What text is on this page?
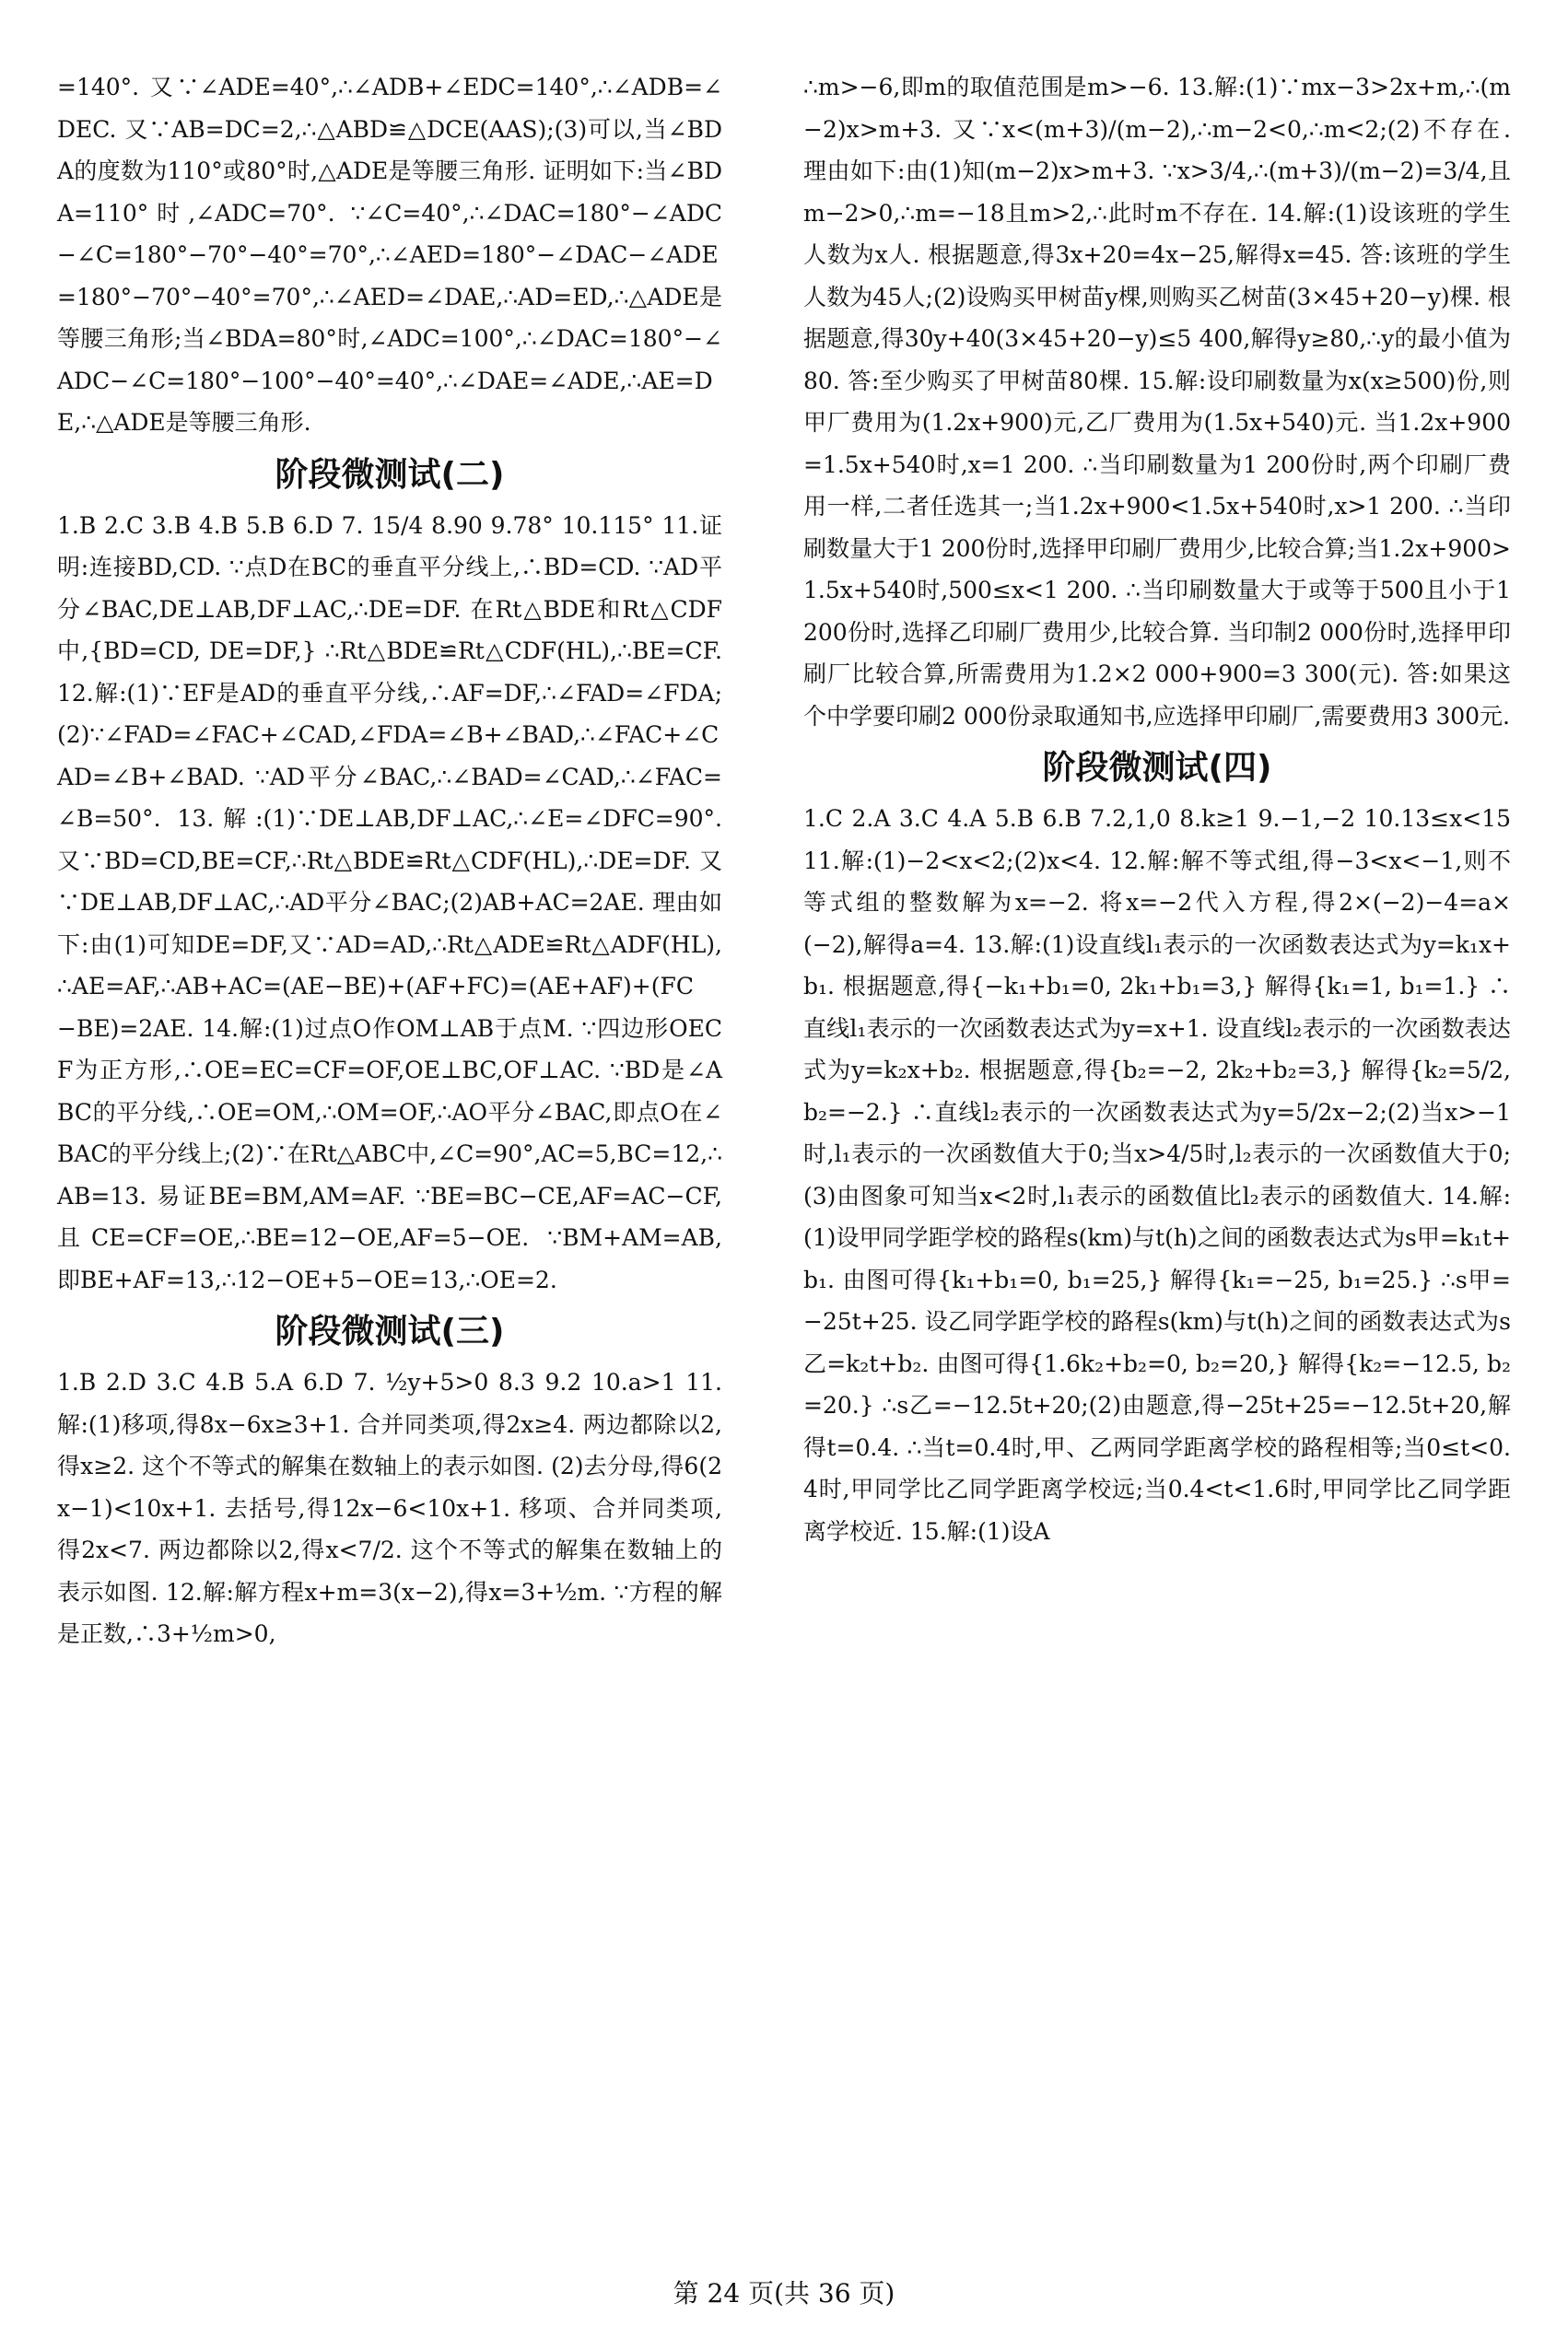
=140°. 又∵∠ADE=40°,∴∠ADB+∠EDC=140°,∴∠ADB=∠DEC. 又∵AB=DC=2,∴△ABD≌△DCE(AAS);(3)可以,当∠BDA的度数为110°或80°时,△ADE是等腰三角形. 证明如下:当∠BDA=110°时,∠ADC=70°. ∵∠C=40°,∴∠DAC=180°−∠ADC−∠C=180°−70°−40°=70°,∴∠AED=180°−∠DAC−∠ADE=180°−70°−40°=70°,∴∠AED=∠DAE,∴AD=ED,∴△ADE是等腰三角形;当∠BDA=80°时,∠ADC=100°,∴∠DAC=180°−∠ADC−∠C=180°−100°−40°=40°,∴∠DAE=∠ADE,∴AE=DE,∴△ADE是等腰三角形.

阶段微测试(二)

1.B 2.C 3.B 4.B 5.B 6.D 7. 15/4 8.90 9.78° 10.115° 11.证明:连接BD,CD. ∵点D在BC的垂直平分线上,∴BD=CD. ∵AD平分∠BAC,DE⊥AB,DF⊥AC,∴DE=DF. 在Rt△BDE和Rt△CDF中,{BD=CD, DE=DF,} ∴Rt△BDE≌Rt△CDF(HL),∴BE=CF. 12.解:(1)∵EF是AD的垂直平分线,∴AF=DF,∴∠FAD=∠FDA;(2)∵∠FAD=∠FAC+∠CAD,∠FDA=∠B+∠BAD,∴∠FAC+∠CAD=∠B+∠BAD. ∵AD平分∠BAC,∴∠BAD=∠CAD,∴∠FAC=∠B=50°. 13.解:(1)∵DE⊥AB,DF⊥AC,∴∠E=∠DFC=90°. 又∵BD=CD,BE=CF,∴Rt△BDE≌Rt△CDF(HL),∴DE=DF. 又∵DE⊥AB,DF⊥AC,∴AD平分∠BAC;(2)AB+AC=2AE. 理由如下:由(1)可知DE=DF,又∵AD=AD,∴Rt△ADE≌Rt△ADF(HL),∴AE=AF,∴AB+AC=(AE−BE)+(AF+FC)=(AE+AF)+(FC−BE)=2AE. 14.解:(1)过点O作OM⊥AB于点M. ∵四边形OECF为正方形,∴OE=EC=CF=OF,OE⊥BC,OF⊥AC. ∵BD是∠ABC的平分线,∴OE=OM,∴OM=OF,∴AO平分∠BAC,即点O在∠BAC的平分线上;(2)∵在Rt△ABC中,∠C=90°,AC=5,BC=12,∴AB=13. 易证BE=BM,AM=AF. ∵BE=BC−CE,AF=AC−CF,且CE=CF=OE,∴BE=12−OE,AF=5−OE. ∵BM+AM=AB,即BE+AF=13,∴12−OE+5−OE=13,∴OE=2.

阶段微测试(三)

1.B 2.D 3.C 4.B 5.A 6.D 7. ½y+5>0 8.3 9.2 10.a>1 11.解:(1)移项,得8x−6x≥3+1. 合并同类项,得2x≥4. 两边都除以2,得x≥2. 这个不等式的解集在数轴上的表示如图. (2)去分母,得6(2x−1)<10x+1. 去括号,得12x−6<10x+1. 移项、合并同类项,得2x<7. 两边都除以2,得x<7/2. 这个不等式的解集在数轴上的表示如图. 12.解:解方程x+m=3(x−2),得x=3+½m. ∵方程的解是正数,∴3+½m>0,

∴m>−6,即m的取值范围是m>−6. 13.解:(1)∵mx−3>2x+m,∴(m−2)x>m+3. 又∵x<(m+3)/(m−2),∴m−2<0,∴m<2;(2)不存在. 理由如下:由(1)知(m−2)x>m+3. ∵x>3/4,∴(m+3)/(m−2)=3/4,且m−2>0,∴m=−18且m>2,∴此时m不存在. 14.解:(1)设该班的学生人数为x人. 根据题意,得3x+20=4x−25,解得x=45. 答:该班的学生人数为45人;(2)设购买甲树苗y棵,则购买乙树苗(3×45+20−y)棵. 根据题意,得30y+40(3×45+20−y)≤5 400,解得y≥80,∴y的最小值为80. 答:至少购买了甲树苗80棵. 15.解:设印刷数量为x(x≥500)份,则甲厂费用为(1.2x+900)元,乙厂费用为(1.5x+540)元. 当1.2x+900=1.5x+540时,x=1 200. ∴当印刷数量为1 200份时,两个印刷厂费用一样,二者任选其一;当1.2x+900<1.5x+540时,x>1 200. ∴当印刷数量大于1 200份时,选择甲印刷厂费用少,比较合算;当1.2x+900>1.5x+540时,500≤x<1 200. ∴当印刷数量大于或等于500且小于1 200份时,选择乙印刷厂费用少,比较合算. 当印制2 000份时,选择甲印刷厂比较合算,所需费用为1.2×2 000+900=3 300(元). 答:如果这个中学要印刷2 000份录取通知书,应选择甲印刷厂,需要费用3 300元.

阶段微测试(四)

1.C 2.A 3.C 4.A 5.B 6.B 7.2,1,0 8.k≥1 9.−1,−2 10.13≤x<15 11.解:(1)−2<x<2;(2)x<4. 12.解:解不等式组,得−3<x<−1,则不等式组的整数解为x=−2. 将x=−2代入方程,得2×(−2)−4=a×(−2),解得a=4. 13.解:(1)设直线l₁表示的一次函数表达式为y=k₁x+b₁. 根据题意,得{−k₁+b₁=0, 2k₁+b₁=3,} 解得{k₁=1, b₁=1.} ∴直线l₁表示的一次函数表达式为y=x+1. 设直线l₂表示的一次函数表达式为y=k₂x+b₂. 根据题意,得{b₂=−2, 2k₂+b₂=3,} 解得{k₂=5/2, b₂=−2.} ∴直线l₂表示的一次函数表达式为y=5/2x−2;(2)当x>−1时,l₁表示的一次函数值大于0;当x>4/5时,l₂表示的一次函数值大于0;(3)由图象可知当x<2时,l₁表示的函数值比l₂表示的函数值大. 14.解:(1)设甲同学距学校的路程s(km)与t(h)之间的函数表达式为s甲=k₁t+b₁. 由图可得{k₁+b₁=0, b₁=25,} 解得{k₁=−25, b₁=25.} ∴s甲=−25t+25. 设乙同学距学校的路程s(km)与t(h)之间的函数表达式为s乙=k₂t+b₂. 由图可得{1.6k₂+b₂=0, b₂=20,} 解得{k₂=−12.5, b₂=20.} ∴s乙=−12.5t+20;(2)由题意,得−25t+25=−12.5t+20,解得t=0.4. ∴当t=0.4时,甲、乙两同学距离学校的路程相等;当0≤t<0.4时,甲同学比乙同学距离学校远;当0.4<t<1.6时,甲同学比乙同学距离学校近. 15.解:(1)设A

第 24 页(共 36 页)
